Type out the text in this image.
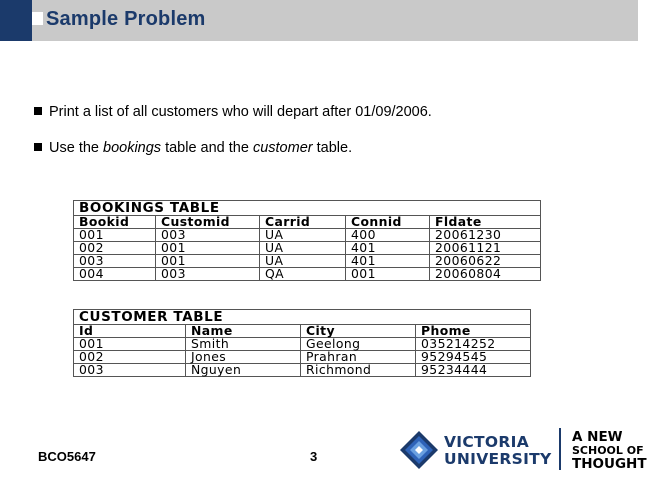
Sample Problem
Print a list of all customers who will depart after 01/09/2006.
Use the bookings table and the customer table.
BOOKINGS TABLE				
Bookid	Customid	Carrid	Connid	Fldate
001	003	UA	400	20061230
002	001	UA	401	20061121
003	001	UA	401	20060622
004	003	QA	001	20060804
CUSTOMER TABLE			
Id	Name	City	Phome
001	Smith	Geelong	035214252
002	Jones	Prahran	95294545
003	Nguyen	Richmond	95234444
BCO5647	3
VICTORIA
UNIVERSITY
A NEW
SCHOOL OF
THOUGHT
